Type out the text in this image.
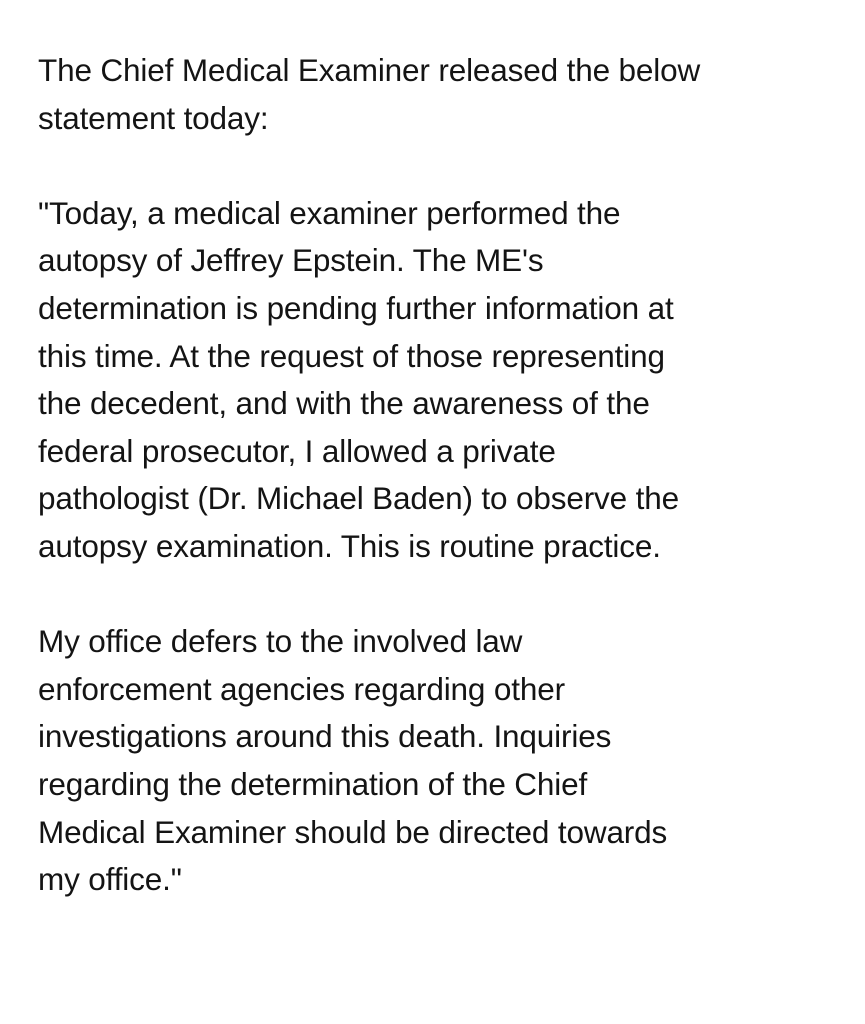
The Chief Medical Examiner released the below
statement today:
"Today, a medical examiner performed the
autopsy of Jeffrey Epstein. The ME's
determination is pending further information at
this time. At the request of those representing
the decedent, and with the awareness of the
federal prosecutor, I allowed a private
pathologist (Dr. Michael Baden) to observe the
autopsy examination. This is routine practice.
My office defers to the involved law
enforcement agencies regarding other
investigations around this death. Inquiries
regarding the determination of the Chief
Medical Examiner should be directed towards
my office."
